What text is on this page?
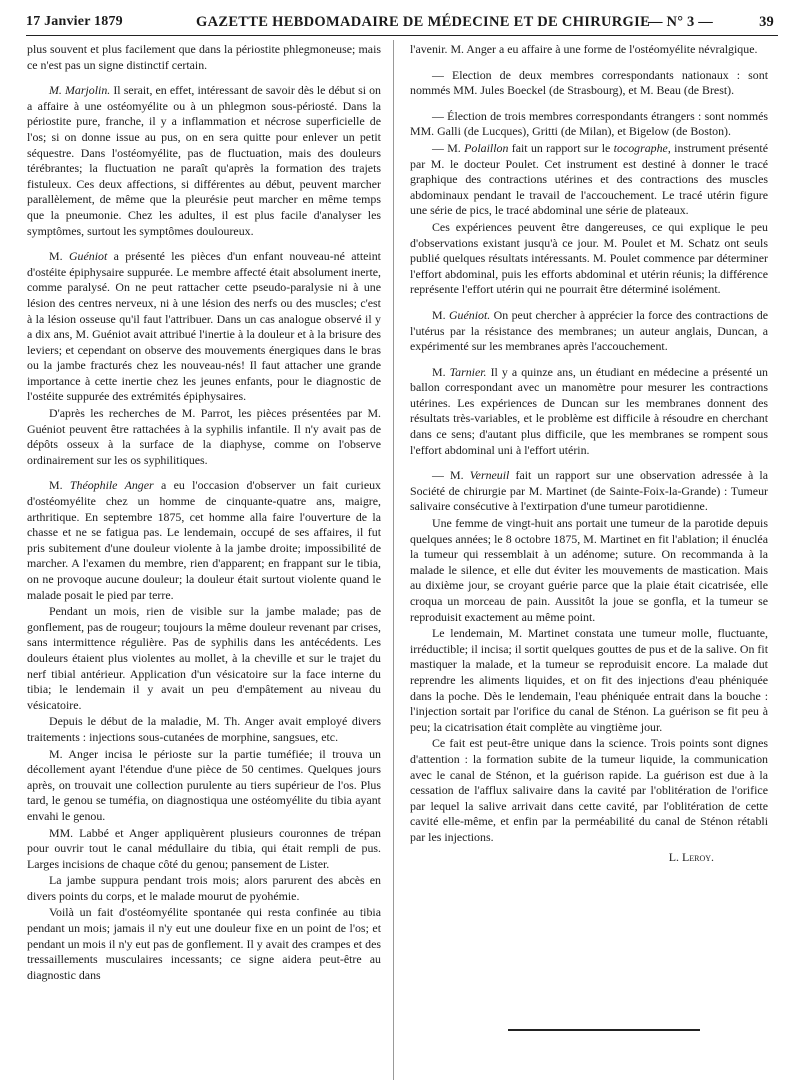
17 Janvier 1879	GAZETTE HEBDOMADAIRE DE MÉDECINE ET DE CHIRURGIE
— N° 3 —	39

plus souvent et plus facilement que dans la périostite phlegmoneuse; mais ce n'est pas un signe distinctif certain.

M. Marjolin. Il serait, en effet, intéressant de savoir dès le début si on a affaire à une ostéomyélite ou à un phlegmon sous-périosté. Dans la périostite pure, franche, il y a inflammation et nécrose superficielle de l'os; si on donne issue au pus, on en sera quitte pour enlever un petit séquestre. Dans l'ostéomyélite, pas de fluctuation, mais des douleurs térébrantes; la fluctuation ne paraît qu'après la formation des trajets fistuleux. Ces deux affections, si différentes au début, peuvent marcher parallèlement, de même que la pleurésie peut marcher en même temps que la pneumonie. Chez les adultes, il est plus facile d'analyser les symptômes, surtout les symptômes douloureux.

M. Guéniot a présenté les pièces d'un enfant nouveau-né atteint d'ostéite épiphysaire suppurée. Le membre affecté était absolument inerte, comme paralysé. On ne peut rattacher cette pseudo-paralysie ni à une lésion des centres nerveux, ni à une lésion des nerfs ou des muscles; c'est à la lésion osseuse qu'il faut l'attribuer. Dans un cas analogue observé il y a dix ans, M. Guéniot avait attribué l'inertie à la douleur et à la brisure des leviers; et cependant on observe des mouvements énergiques dans le bras ou la jambe fracturés chez les nouveau-nés! Il faut attacher une grande importance à cette inertie chez les jeunes enfants, pour le diagnostic de l'ostéite suppurée des extrémités épiphysaires.

D'après les recherches de M. Parrot, les pièces présentées par M. Guéniot peuvent être rattachées à la syphilis infantile. Il n'y avait pas de dépôts osseux à la surface de la diaphyse, comme on l'observe ordinairement sur les os syphilitiques.

M. Théophile Anger a eu l'occasion d'observer un fait curieux d'ostéomyélite chez un homme de cinquante-quatre ans, maigre, arthritique. En septembre 1875, cet homme alla faire l'ouverture de la chasse et ne se fatigua pas. Le lendemain, occupé de ses affaires, il fut pris subitement d'une douleur violente à la jambe droite; impossibilité de marcher. A l'examen du membre, rien d'apparent; en frappant sur le tibia, on ne provoque aucune douleur; la douleur était surtout violente quand le malade posait le pied par terre.

Pendant un mois, rien de visible sur la jambe malade; pas de gonflement, pas de rougeur; toujours la même douleur revenant par crises, sans intermittence régulière. Pas de syphilis dans les antécédents. Les douleurs étaient plus violentes au mollet, à la cheville et sur le trajet du nerf tibial antérieur. Application d'un vésicatoire sur la face interne du tibia; le lendemain il y avait un peu d'empâtement au niveau du vésicatoire.

Depuis le début de la maladie, M. Th. Anger avait employé divers traitements : injections sous-cutanées de morphine, sangsues, etc.

M. Anger incisa le périoste sur la partie tuméfiée; il trouva un décollement ayant l'étendue d'une pièce de 50 centimes. Quelques jours après, on trouvait une collection purulente au tiers supérieur de l'os. Plus tard, le genou se tuméfia, on diagnostiqua une ostéomyélite du tibia ayant envahi le genou.

MM. Labbé et Anger appliquèrent plusieurs couronnes de trépan pour ouvrir tout le canal médullaire du tibia, qui était rempli de pus. Larges incisions de chaque côté du genou; pansement de Lister.

La jambe suppura pendant trois mois; alors parurent des abcès en divers points du corps, et le malade mourut de pyohémie.

Voilà un fait d'ostéomyélite spontanée qui resta confinée au tibia pendant un mois; jamais il n'y eut une douleur fixe en un point de l'os; et pendant un mois il n'y eut pas de gonflement. Il y avait des crampes et des tressaillements musculaires incessants; ce signe aidera peut-être au diagnostic dans

l'avenir. M. Anger a eu affaire à une forme de l'ostéomyélite névralgique.

— Election de deux membres correspondants nationaux : sont nommés MM. Jules Boeckel (de Strasbourg), et M. Beau (de Brest).

— Élection de trois membres correspondants étrangers : sont nommés MM. Galli (de Lucques), Gritti (de Milan), et Bigelow (de Boston).

— M. Polaillon fait un rapport sur le tocographe, instrument présenté par M. le docteur Poulet. Cet instrument est destiné à donner le tracé graphique des contractions utérines et des contractions des muscles abdominaux pendant le travail de l'accouchement. Le tracé utérin figure une série de pics, le tracé abdominal une série de plateaux.

Ces expériences peuvent être dangereuses, ce qui explique le peu d'observations existant jusqu'à ce jour. M. Poulet et M. Schatz ont seuls publié quelques résultats intéressants. M. Poulet commence par déterminer l'effort abdominal, puis les efforts abdominal et utérin réunis; la différence représente l'effort utérin qui ne pourrait être déterminé isolément.

M. Guéniot. On peut chercher à apprécier la force des contractions de l'utérus par la résistance des membranes; un auteur anglais, Duncan, a expérimenté sur les membranes après l'accouchement.

M. Tarnier. Il y a quinze ans, un étudiant en médecine a présenté un ballon correspondant avec un manomètre pour mesurer les contractions utérines. Les expériences de Duncan sur les membranes donnent des résultats très-variables, et le problème est difficile à résoudre en cherchant dans ce sens; d'autant plus difficile, que les membranes se rompent sous l'effort abdominal uni à l'effort utérin.

— M. Verneuil fait un rapport sur une observation adressée à la Société de chirurgie par M. Martinet (de Sainte-Foix-la-Grande) : Tumeur salivaire consécutive à l'extirpation d'une tumeur parotidienne.

Une femme de vingt-huit ans portait une tumeur de la parotide depuis quelques années; le 8 octobre 1875, M. Martinet en fit l'ablation; il énucléa la tumeur qui ressemblait à un adénome; suture. On recommanda à la malade le silence, et elle dut éviter les mouvements de mastication. Mais au dixième jour, se croyant guérie parce que la plaie était cicatrisée, elle croqua un morceau de pain. Aussitôt la joue se gonfla, et la tumeur se reproduisit exactement au même point.

Le lendemain, M. Martinet constata une tumeur molle, fluctuante, irréductible; il incisa; il sortit quelques gouttes de pus et de la salive. On fit mastiquer la malade, et la tumeur se reproduisit encore. La malade dut reprendre les aliments liquides, et on fit des injections d'eau phéniquée dans la poche. Dès le lendemain, l'eau phéniquée entrait dans la bouche : l'injection sortait par l'orifice du canal de Sténon. La guérison se fit peu à peu; la cicatrisation était complète au vingtième jour.

Ce fait est peut-être unique dans la science. Trois points sont dignes d'attention : la formation subite de la tumeur liquide, la communication avec le canal de Sténon, et la guérison rapide. La guérison est due à la cessation de l'afflux salivaire dans la cavité par l'oblitération de l'orifice par lequel la salive arrivait dans cette cavité, par l'oblitération de cette cavité elle-même, et enfin par la perméabilité du canal de Sténon rétabli par les injections.

L. Leroy.
